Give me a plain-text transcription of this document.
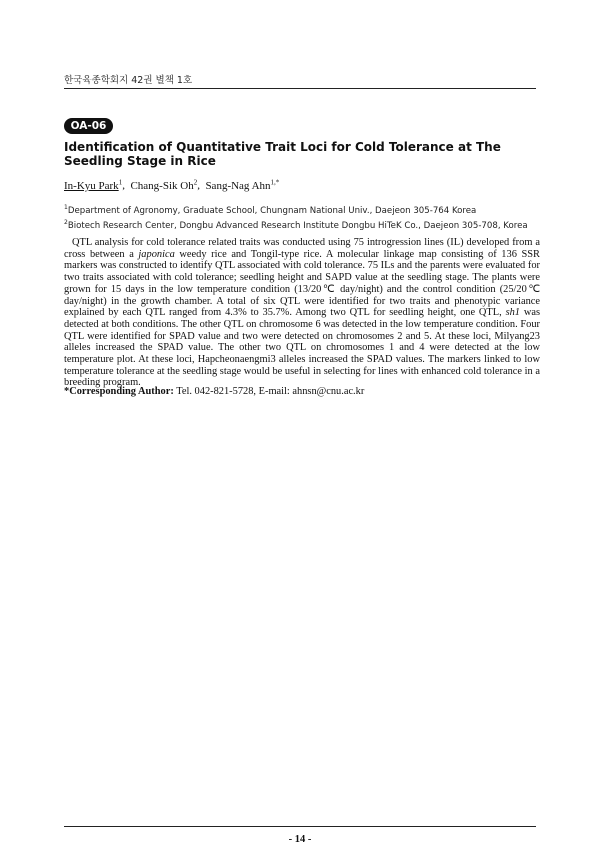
한국육종학회지 42권 별책 1호
OA-06
Identification of Quantitative Trait Loci for Cold Tolerance at The Seedling Stage in Rice
In-Kyu Park$^1$,  Chang-Sik Oh$^2$,  Sang-Nag Ahn$^{1,*}$
$^1$Department of Agronomy, Graduate School, Chungnam National Univ., Daejeon 305-764 Korea
$^2$Biotech Research Center, Dongbu Advanced Research Institute Dongbu HiTeK Co., Daejeon 305-708, Korea

QTL analysis for cold tolerance related traits was conducted using 75 introgression lines (IL) developed from a cross between a japonica weedy rice and Tongil-type rice. A molecular linkage map consisting of 136 SSR markers was constructed to identify QTL associated with cold tolerance. 75 ILs and the parents were evaluated for two traits associated with cold tolerance; seedling height and SAPD value at the seedling stage. The plants were grown for 15 days in the low temperature condition (13/20℃ day/night) and the control condition (25/20℃ day/night) in the growth chamber. A total of six QTL were identified for two traits and phenotypic variance explained by each QTL ranged from 4.3% to 35.7%. Among two QTL for seedling height, one QTL, sh1 was detected at both conditions. The other QTL on chromosome 6 was detected in the low temperature condition. Four QTL were identified for SPAD value and two were detected on chromosomes 2 and 5. At these loci, Milyang23 alleles increased the SPAD value. The other two QTL on chromosomes 1 and 4 were detected at the low temperature plot. At these loci, Hapcheonaengmi3 alleles increased the SPAD values. The markers linked to low temperature tolerance at the seedling stage would be useful in selecting for lines with enhanced cold tolerance in a breeding program.

*Corresponding Author: Tel. 042-821-5728, E-mail: ahnsn@cnu.ac.kr
- 14 -
